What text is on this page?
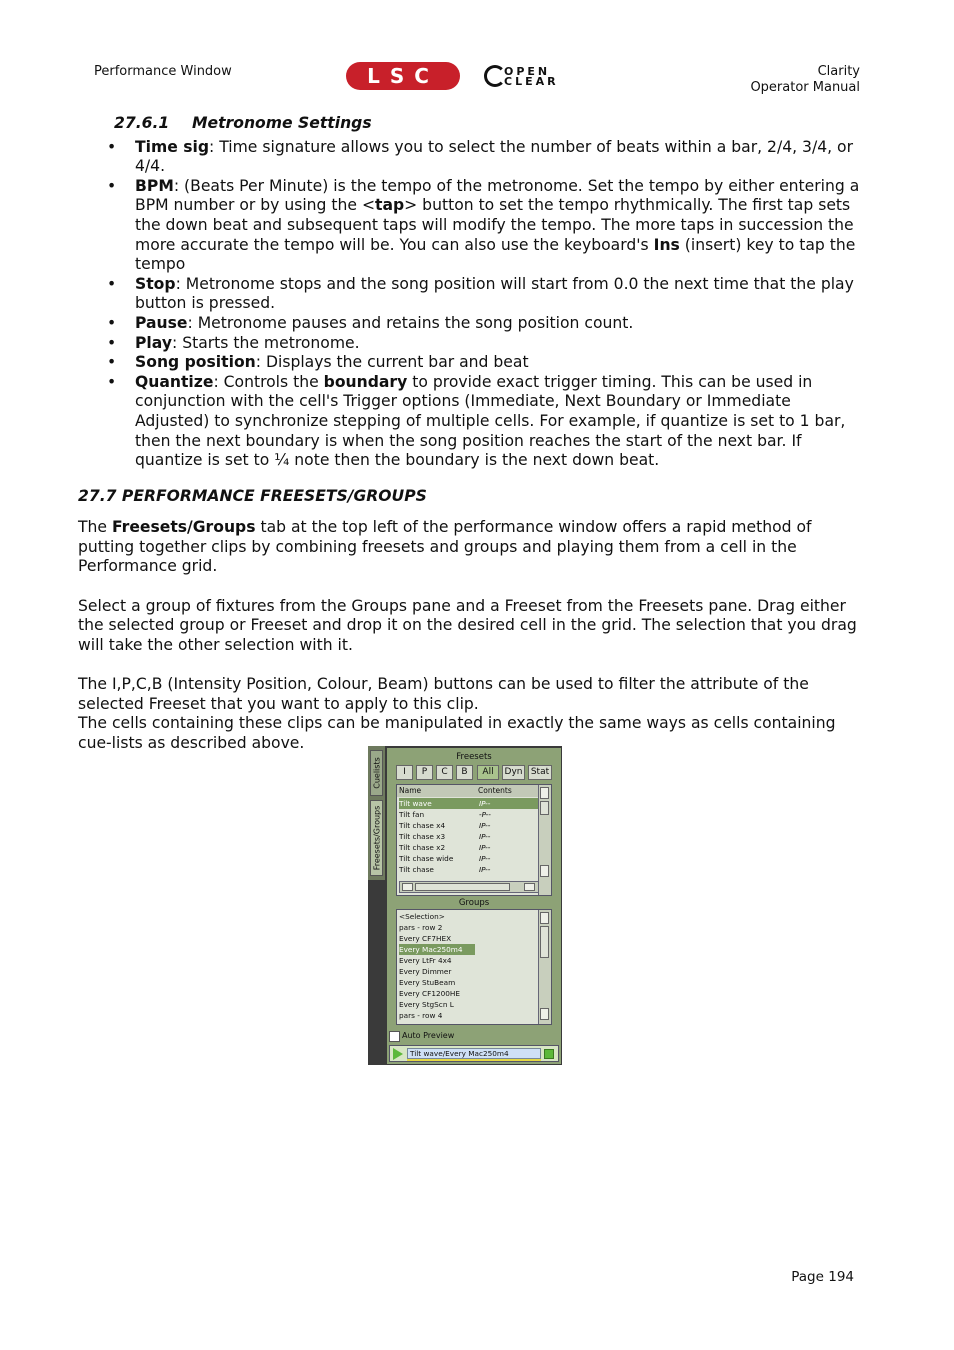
Performance Window	LSC	OPEN
CLEAR
Clarity
Operator Manual
27.6.1 Metronome Settings
• Time sig: Time signature allows you to select the number of beats within a bar, 2/4, 3/4, or 4/4.
• BPM: (Beats Per Minute) is the tempo of the metronome. Set the tempo by either entering a BPM number or by using the <tap> button to set the tempo rhythmically. The first tap sets the down beat and subsequent taps will modify the tempo. The more taps in succession the more accurate the tempo will be. You can also use the keyboard's Ins (insert) key to tap the tempo
• Stop: Metronome stops and the song position will start from 0.0 the next time that the play button is pressed.
• Pause: Metronome pauses and retains the song position count.
• Play: Starts the metronome.
• Song position: Displays the current bar and beat
• Quantize: Controls the boundary to provide exact trigger timing. This can be used in conjunction with the cell's Trigger options (Immediate, Next Boundary or Immediate Adjusted) to synchronize stepping of multiple cells. For example, if quantize is set to 1 bar, then the next boundary is when the song position reaches the start of the next bar. If quantize is set to ¼ note then the boundary is the next down beat.
27.7 PERFORMANCE FREESETS/GROUPS

The Freesets/Groups tab at the top left of the performance window offers a rapid method of putting together clips by combining freesets and groups and playing them from a cell in the Performance grid.

Select a group of fixtures from the Groups pane and a Freeset from the Freesets pane. Drag either the selected group or Freeset and drop it on the desired cell in the grid. The selection that you drag will take the other selection with it.

The I,P,C,B (Intensity Position, Colour, Beam) buttons can be used to filter the attribute of the selected Freeset that you want to apply to this clip.

The cells containing these clips can be manipulated in exactly the same ways as cells containing cue-lists as described above.

Cuelists
Freesets/Groups
Freesets
I	P	C	B	All	Dyn Stat
Name	Contents
Tilt wave	IP--
Tilt fan	-P--
Tilt chase x4	IP--
Tilt chase x3	IP--
Tilt chase x2	IP--
Tilt chase wide	IP--
Tilt chase	IP--
Groups
<Selection>
pars - row 2
Every CF7HEX
Every Mac250m4
Every LtFr 4x4
Every Dimmer
Every StuBeam
Every CF1200HE
Every StgScn L
pars - row 4
Auto Preview
Tilt wave/Every Mac250m4
Page 194
